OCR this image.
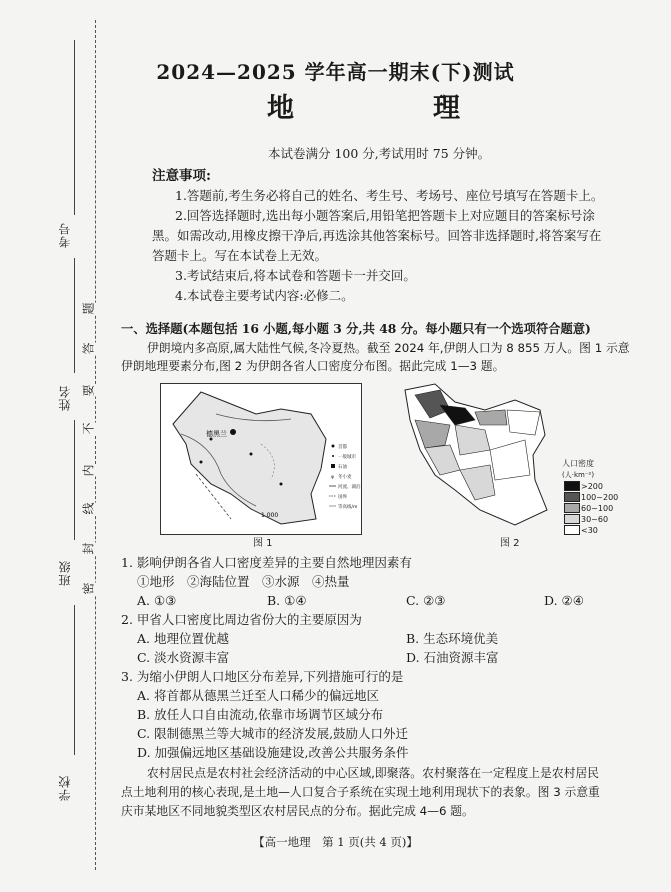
考号
姓名
班级
学校
题
答
要
不
内
线
封
密
2024—2025 学年高一期末(下)测试
地　理
本试卷满分 100 分,考试用时 75 分钟。
注意事项:
1.答题前,考生务必将自己的姓名、考生号、考场号、座位号填写在答题卡上。
2.回答选择题时,选出每小题答案后,用铅笔把答题卡上对应题目的答案标号涂
黑。如需改动,用橡皮擦干净后,再选涂其他答案标号。回答非选择题时,将答案写在
答题卡上。写在本试卷上无效。
3.考试结束后,将本试卷和答题卡一并交回。
4.本试卷主要考试内容:必修二。
一、选择题(本题包括 16 小题,每小题 3 分,共 48 分。每小题只有一个选项符合题意)
伊朗境内多高原,属大陆性气候,冬冷夏热。截至 2024 年,伊朗人口为 8 855 万人。图 1 示意
伊朗地理要素分布,图 2 为伊朗各省人口密度分布图。据此完成 1—3 题。
德黑兰
1 000
首都
一般城市
石油
ψ 冬小麦
河流、湖泊
国界
等高线/m
图 1
人口密度
(人·km⁻²)
>200
100~200
60~100
30~60
<30
图 2
1. 影响伊朗各省人口密度差异的主要自然地理因素有
①地形　②海陆位置　③水源　④热量
A. ①③	B. ①④	C. ②③	D. ②④
2. 甲省人口密度比周边省份大的主要原因为
A. 地理位置优越	B. 生态环境优美
C. 淡水资源丰富	D. 石油资源丰富
3. 为缩小伊朗人口地区分布差异,下列措施可行的是
A. 将首都从德黑兰迁至人口稀少的偏远地区
B. 放任人口自由流动,依靠市场调节区域分布
C. 限制德黑兰等大城市的经济发展,鼓励人口外迁
D. 加强偏远地区基础设施建设,改善公共服务条件
农村居民点是农村社会经济活动的中心区域,即聚落。农村聚落在一定程度上是农村居民
点土地利用的核心表现,是土地—人口复合子系统在实现土地利用现状下的表象。图 3 示意重
庆市某地区不同地貌类型区农村居民点的分布。据此完成 4—6 题。
【高一地理　第 1 页(共 4 页)】
